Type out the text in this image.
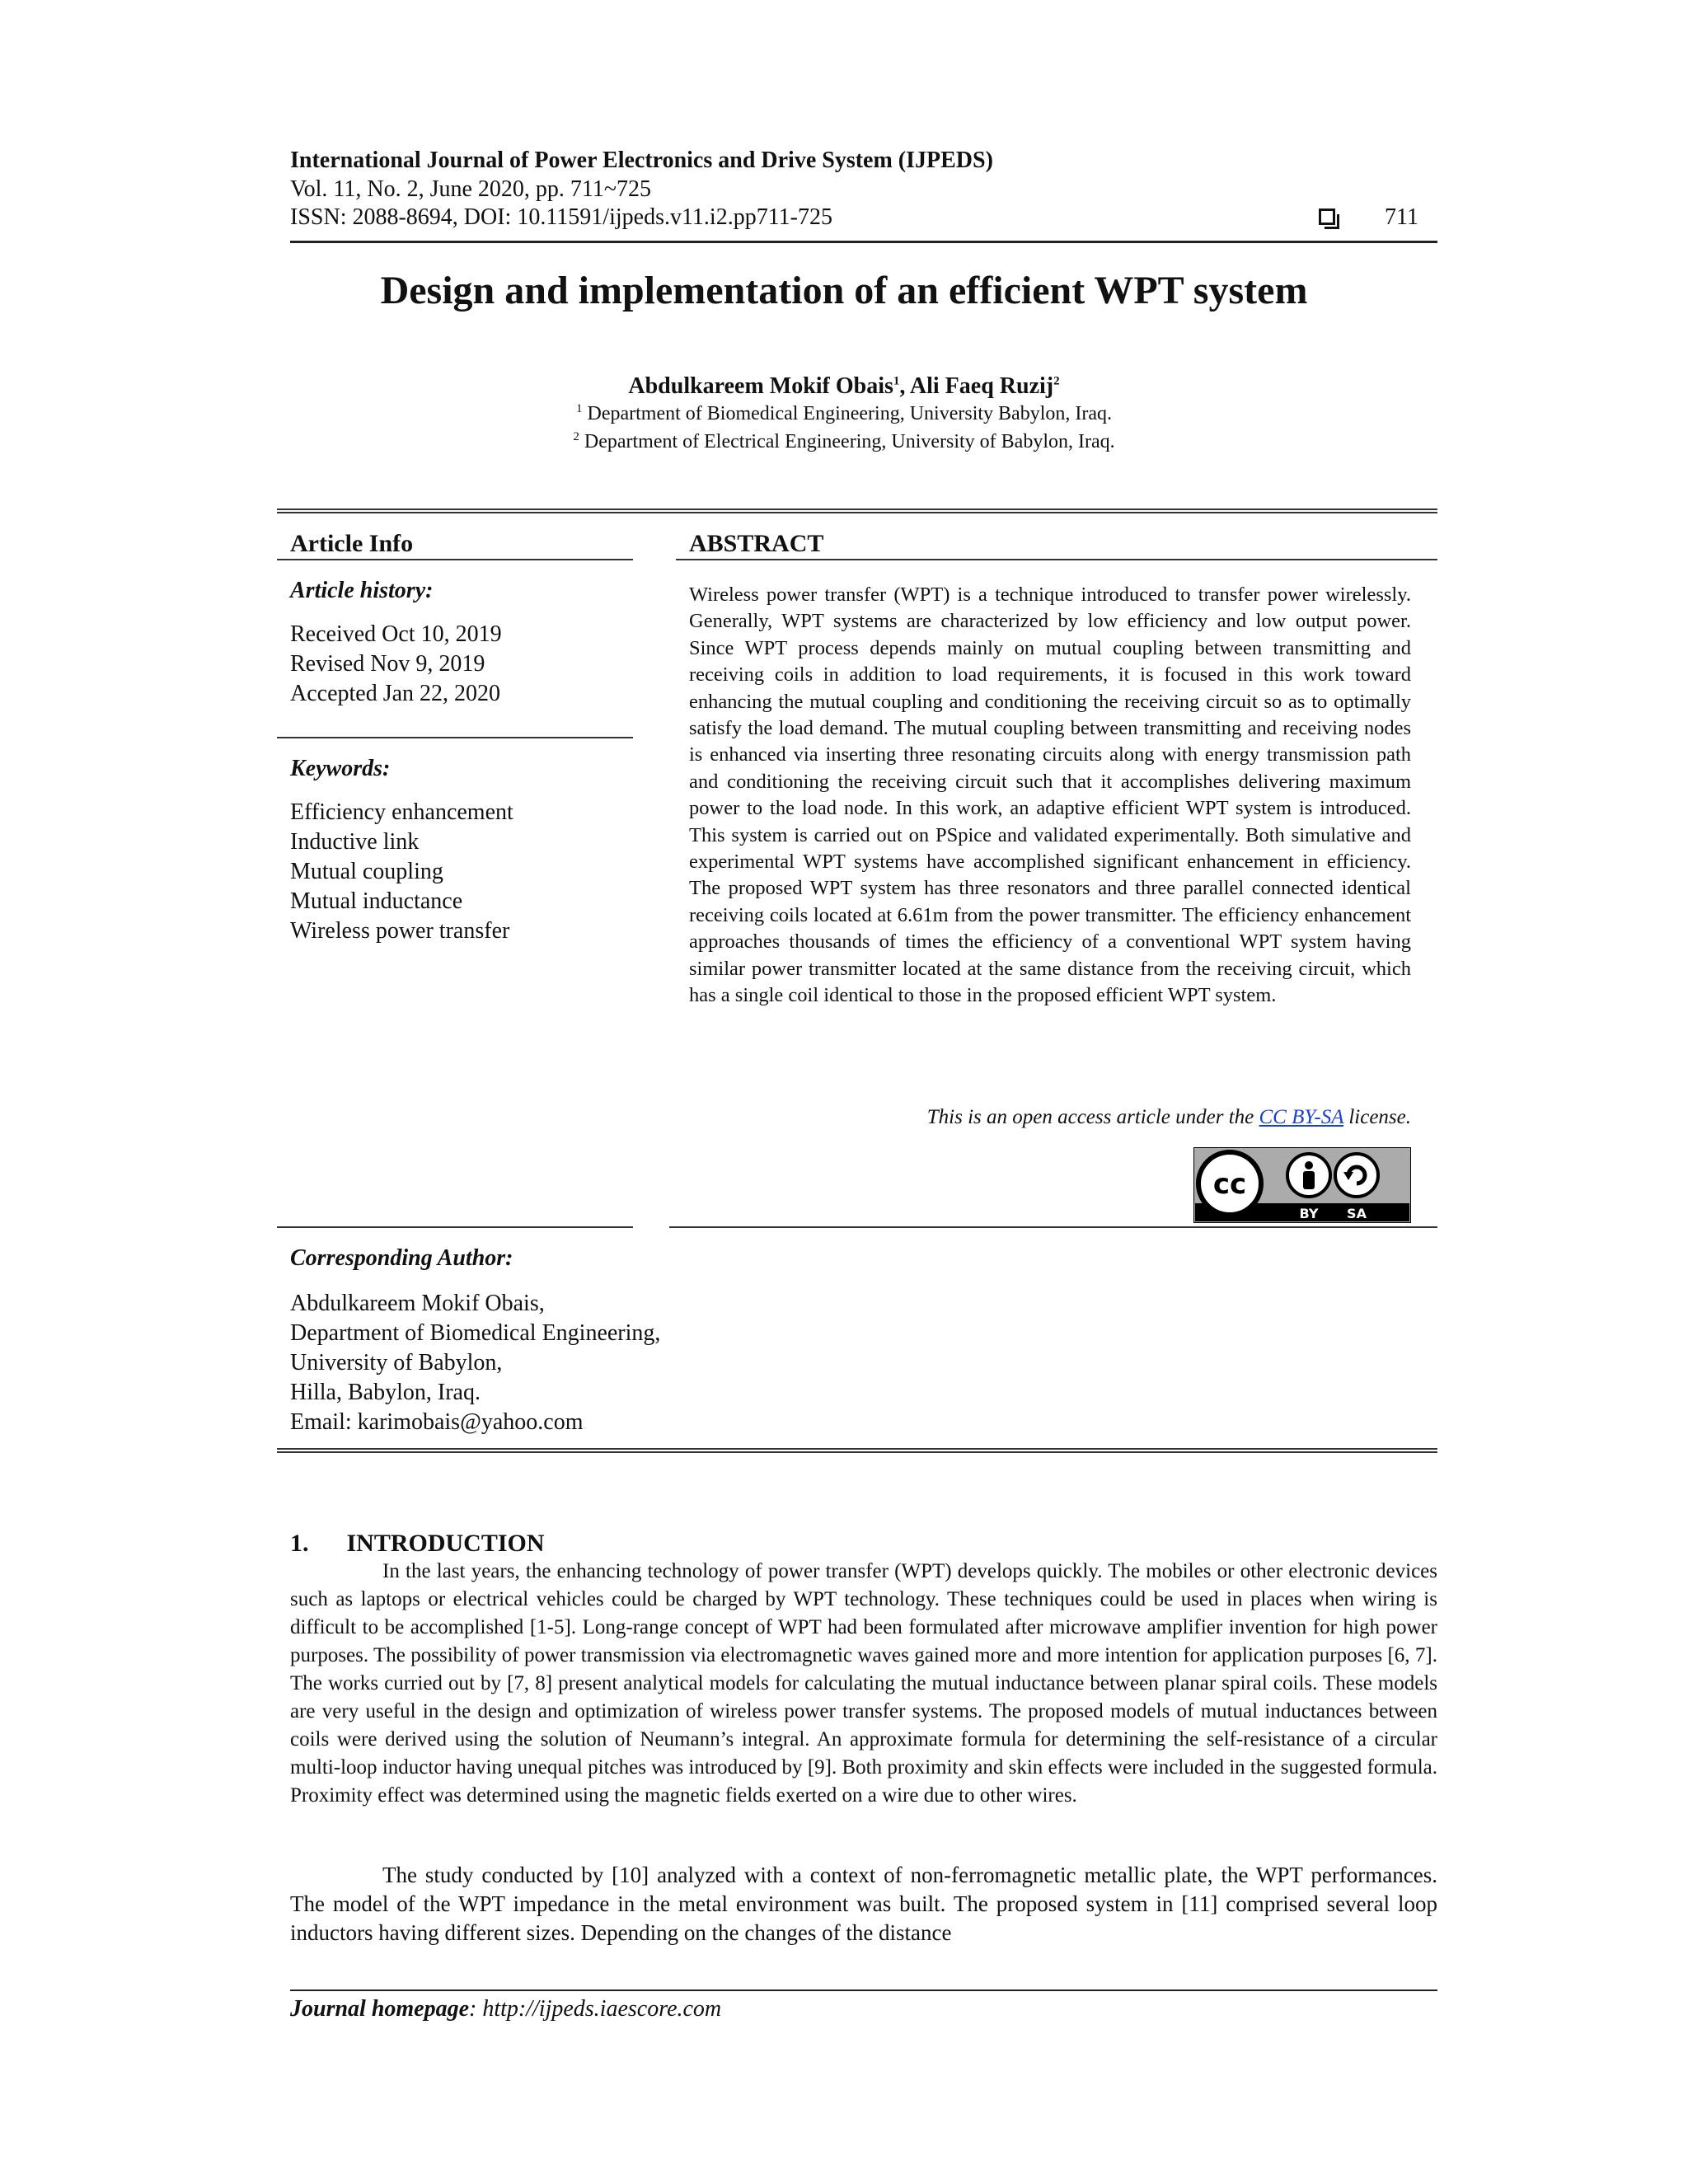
International Journal of Power Electronics and Drive System (IJPEDS)
Vol. 11, No. 2, June 2020, pp. 711~725
ISSN: 2088-8694, DOI: 10.11591/ijpeds.v11.i2.pp711-725	711
Design and implementation of an efficient WPT system
Abdulkareem Mokif Obais$^1$, Ali Faeq Ruzij$^2$
$^1$ Department of Biomedical Engineering, University Babylon, Iraq.
$^2$ Department of Electrical Engineering, University of Babylon, Iraq.
Article Info
Article history:
Received Oct 10, 2019
Revised Nov 9, 2019
Accepted Jan 22, 2020
Keywords:
Efficiency enhancement
Inductive link
Mutual coupling
Mutual inductance
Wireless power transfer
ABSTRACT
Wireless power transfer (WPT) is a technique introduced to transfer power wirelessly. Generally, WPT systems are characterized by low efficiency and low output power. Since WPT process depends mainly on mutual coupling between transmitting and receiving coils in addition to load requirements, it is focused in this work toward enhancing the mutual coupling and conditioning the receiving circuit so as to optimally satisfy the load demand. The mutual coupling between transmitting and receiving nodes is enhanced via inserting three resonating circuits along with energy transmission path and conditioning the receiving circuit such that it accomplishes delivering maximum power to the load node. In this work, an adaptive efficient WPT system is introduced. This system is carried out on PSpice and validated experimentally. Both simulative and experimental WPT systems have accomplished significant enhancement in efficiency. The proposed WPT system has three resonators and three parallel connected identical receiving coils located at 6.61m from the power transmitter. The efficiency enhancement approaches thousands of times the efficiency of a conventional WPT system having similar power transmitter located at the same distance from the receiving circuit, which has a single coil identical to those in the proposed efficient WPT system.
This is an open access article under the CC BY-SA license.
cc
BY SA
Corresponding Author:
Abdulkareem Mokif Obais,
Department of Biomedical Engineering,
University of Babylon,
Hilla, Babylon, Iraq.
Email: karimobais@yahoo.com
1. INTRODUCTION
In the last years, the enhancing technology of power transfer (WPT) develops quickly. The mobiles or other electronic devices such as laptops or electrical vehicles could be charged by WPT technology. These techniques could be used in places when wiring is difficult to be accomplished [1-5]. Long-range concept of WPT had been formulated after microwave amplifier invention for high power purposes. The possibility of power transmission via electromagnetic waves gained more and more intention for application purposes [6, 7]. The works curried out by [7, 8] present analytical models for calculating the mutual inductance between planar spiral coils. These models are very useful in the design and optimization of wireless power transfer systems. The proposed models of mutual inductances between coils were derived using the solution of Neumann’s integral. An approximate formula for determining the self-resistance of a circular multi-loop inductor having unequal pitches was introduced by [9]. Both proximity and skin effects were included in the suggested formula. Proximity effect was determined using the magnetic fields exerted on a wire due to other wires.
The study conducted by [10] analyzed with a context of non-ferromagnetic metallic plate, the WPT performances. The model of the WPT impedance in the metal environment was built. The proposed system in [11] comprised several loop inductors having different sizes. Depending on the changes of the distance
Journal homepage: http://ijpeds.iaescore.com
